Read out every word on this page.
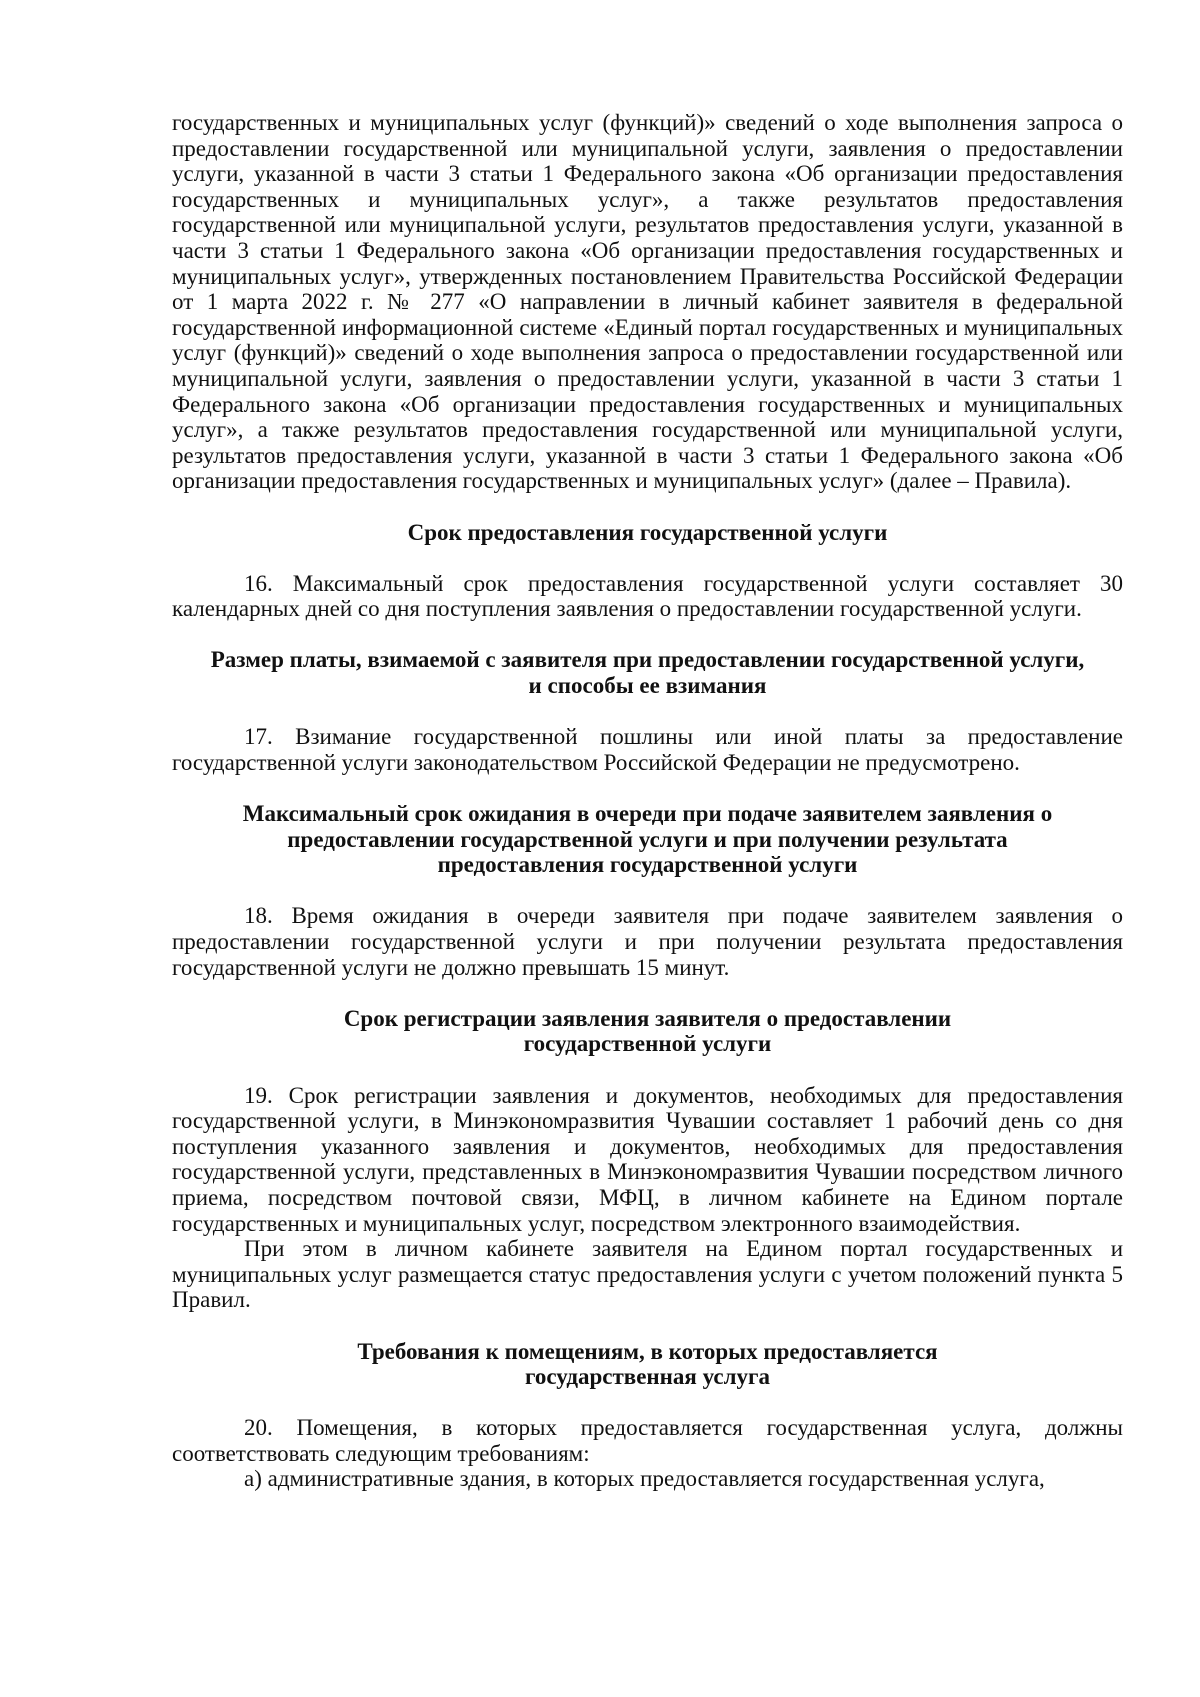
государственных и муниципальных услуг (функций)» сведений о ходе выполнения запроса о предоставлении государственной или муниципальной услуги, заявления о предоставлении услуги, указанной в части 3 статьи 1 Федерального закона «Об организации предоставления государственных и муниципальных услуг», а также результатов предоставления государственной или муниципальной услуги, результатов предоставления услуги, указанной в части 3 статьи 1 Федерального закона «Об организации предоставления государственных и муниципальных услуг», утвержденных постановлением Правительства Российской Федерации от 1 марта 2022 г. № 277 «О направлении в личный кабинет заявителя в федеральной государственной информационной системе «Единый портал государственных и муниципальных услуг (функций)» сведений о ходе выполнения запроса о предоставлении государственной или муниципальной услуги, заявления о предоставлении услуги, указанной в части 3 статьи 1 Федерального закона «Об организации предоставления государственных и муниципальных услуг», а также результатов предоставления государственной или муниципальной услуги, результатов предоставления услуги, указанной в части 3 статьи 1 Федерального закона «Об организации предоставления государственных и муниципальных услуг» (далее – Правила).

Срок предоставления государственной услуги

16. Максимальный срок предоставления государственной услуги составляет 30 календарных дней со дня поступления заявления о предоставлении государственной услуги.

Размер платы, взимаемой с заявителя при предоставлении государственной услуги,

и способы ее взимания

17. Взимание государственной пошлины или иной платы за предоставление государственной услуги законодательством Российской Федерации не предусмотрено.

Максимальный срок ожидания в очереди при подаче заявителем заявления о

предоставлении государственной услуги и при получении результата

предоставления государственной услуги

18. Время ожидания в очереди заявителя при подаче заявителем заявления о предоставлении государственной услуги и при получении результата предоставления государственной услуги не должно превышать 15 минут.

Срок регистрации заявления заявителя о предоставлении

государственной услуги

19. Срок регистрации заявления и документов, необходимых для предоставления государственной услуги, в Минэкономразвития Чувашии составляет 1 рабочий день со дня поступления указанного заявления и документов, необходимых для предоставления государственной услуги, представленных в Минэкономразвития Чувашии посредством личного приема, посредством почтовой связи, МФЦ, в личном кабинете на Едином портале государственных и муниципальных услуг, посредством электронного взаимодействия.

При этом в личном кабинете заявителя на Едином портал государственных и муниципальных услуг размещается статус предоставления услуги с учетом положений пункта 5 Правил.

Требования к помещениям, в которых предоставляется

государственная услуга

20. Помещения, в которых предоставляется государственная услуга, должны соответствовать следующим требованиям:

а) административные здания, в которых предоставляется государственная услуга,
